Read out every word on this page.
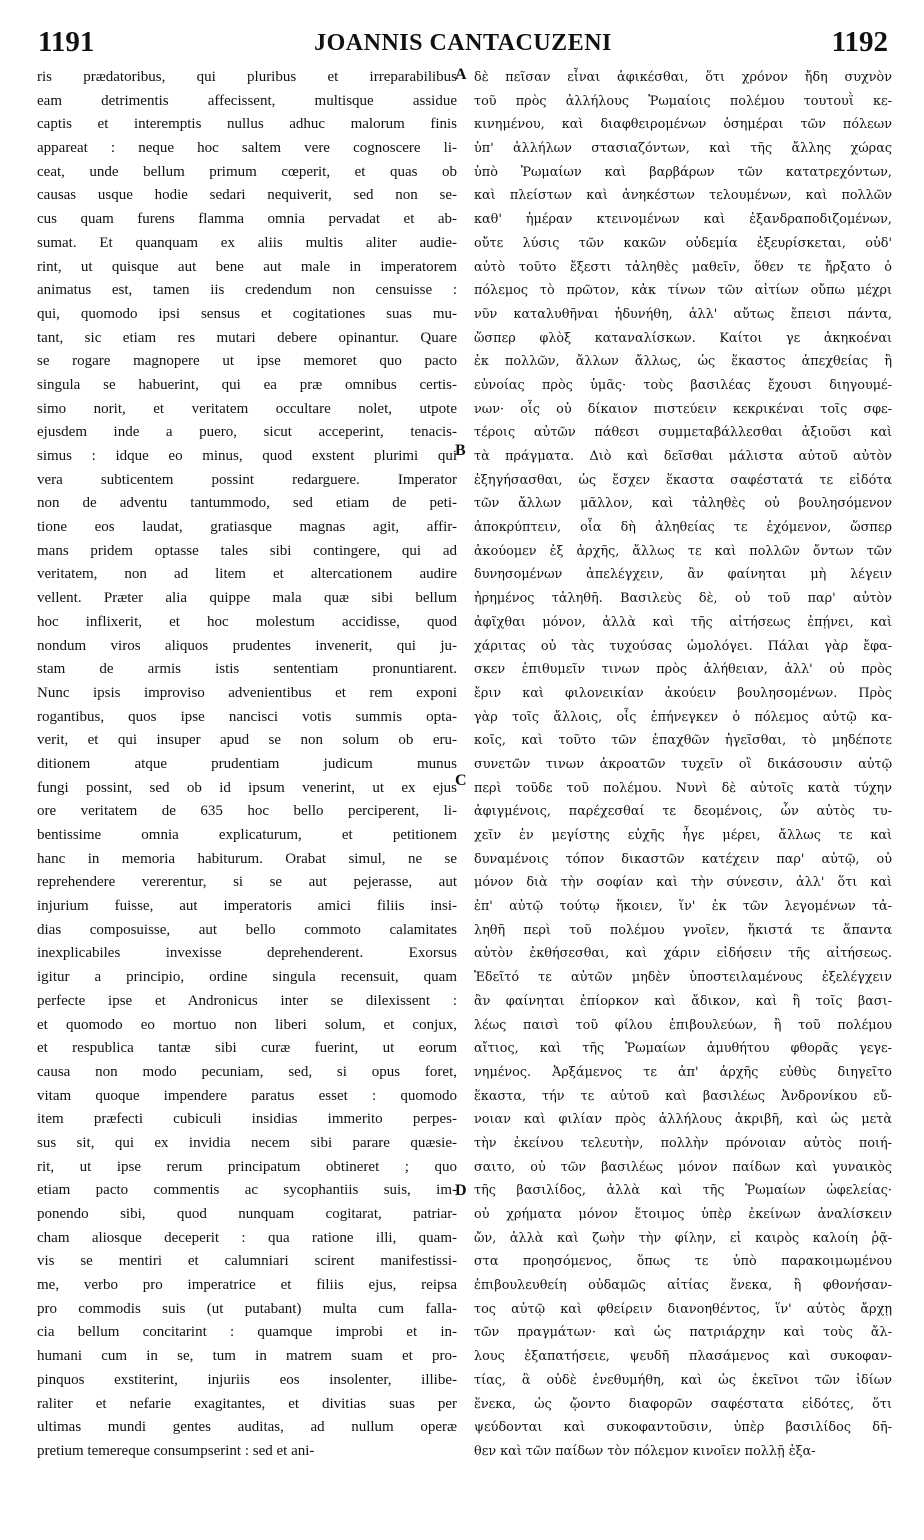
1191	JOANNIS CANTACUZENI	1192
ris prædatoribus, qui pluribus et irreparabilibus
eam detrimentis affecissent, multisque assidue
captis et interemptis nullus adhuc malorum finis
appareat : neque hoc saltem vere cognoscere li-
ceat, unde bellum primum cœperit, et quas ob
causas usque hodie sedari nequiverit, sed non se-
cus quam furens flamma omnia pervadat et ab-
sumat. Et quanquam ex aliis multis aliter audie-
rint, ut quisque aut bene aut male in imperatorem
animatus est, tamen iis credendum non censuisse :
qui, quomodo ipsi sensus et cogitationes suas mu-
tant, sic etiam res mutari debere opinantur. Quare
se rogare magnopere ut ipse memoret quo pacto
singula se habuerint, qui ea præ omnibus certis-
simo norit, et veritatem occultare nolet, utpote
ejusdem inde a puero, sicut acceperint, tenacis-
simus : idque eo minus, quod exstent plurimi qui
vera subticentem possint redarguere. Imperator
non de adventu tantummodo, sed etiam de peti-
tione eos laudat, gratiasque magnas agit, affir-
mans pridem optasse tales sibi contingere, qui ad
veritatem, non ad litem et altercationem audire
vellent. Præter alia quippe mala quæ sibi bellum
hoc inflixerit, et hoc molestum accidisse, quod
nondum viros aliquos prudentes invenerit, qui ju-
stam de armis istis sententiam pronuntiarent.
Nunc ipsis improviso advenientibus et rem exponi
rogantibus, quos ipse nancisci votis summis opta-
verit, et qui insuper apud se non solum ob eru-
ditionem atque prudentiam judicum munus
fungi possint, sed ob id ipsum venerint, ut ex ejus
ore veritatem de 635 hoc bello perciperent, li-
bentissime omnia explicaturum, et petitionem
hanc in memoria habiturum. Orabat simul, ne se
reprehendere vererentur, si se aut pejerasse, aut
injurium fuisse, aut imperatoris amici filiis insi-
dias composuisse, aut bello commoto calamitates
inexplicabiles invexisse deprehenderent. Exorsus
igitur a principio, ordine singula recensuit, quam
perfecte ipse et Andronicus inter se dilexissent :
et quomodo eo mortuo non liberi solum, et conjux,
et respublica tantæ sibi curæ fuerint, ut eorum
causa non modo pecuniam, sed, si opus foret,
vitam quoque impendere paratus esset : quomodo
item præfecti cubiculi insidias immerito perpes-
sus sit, qui ex invidia necem sibi parare quæsie-
rit, ut ipse rerum principatum obtineret ; quo
etiam pacto commentis ac sycophantiis suis, im-
ponendo sibi, quod nunquam cogitarat, patriar-
cham aliosque deceperit : qua ratione illi, quam-
vis se mentiri et calumniari scirent manifestissi-
me, verbo pro imperatrice et filiis ejus, reipsa
pro commodis suis (ut putabant) multa cum falla-
cia bellum concitarint : quamque improbi et in-
humani cum in se, tum in matrem suam et pro-
pinquos exstiterint, injuriis eos insolenter, illibe-
raliter et nefarie exagitantes, et divitias suas per
ultimas mundi gentes auditas, ad nullum operæ
pretium temereque consumpserint : sed et ani-
A
B
C
D
δὲ πεῖσαν εἶναι ἀφικέσθαι, ὅτι χρόνον ἤδη συχνὸν
τοῦ πρὸς ἀλλήλους Ῥωμαίοις πολέμου τουτουῒ κε-
κινημένου, καὶ διαφθειρομένων ὁσημέραι τῶν πόλεων
ὑπ' ἀλλήλων στασιαζόντων, καὶ τῆς ἄλλης χώρας
ὑπὸ Ῥωμαίων καὶ βαρβάρων τῶν κατατρεχόντων,
καὶ πλείστων καὶ ἀνηκέστων τελουμένων, καὶ πολλῶν
καθ' ἡμέραν κτεινομένων καὶ ἐξανδραποδιζομένων,
οὔτε λύσις τῶν κακῶν οὐδεμία ἐξευρίσκεται, οὐδ'
αὐτὸ τοῦτο ἔξεστι τἀληθὲς μαθεῖν, ὅθεν τε ἤρξατο ὁ
πόλεμος τὸ πρῶτον, κἀκ τίνων τῶν αἰτίων οὔπω μέχρι
νῦν καταλυθῆναι ἠδυνήθη, ἀλλ' αὔτως ἔπεισι πάντα,
ὥσπερ φλὸξ καταναλίσκων. Καίτοι γε ἀκηκοέναι
ἐκ πολλῶν, ἄλλων ἄλλως, ὡς ἕκαστος ἀπεχθείας ἢ
εὐνοίας πρὸς ὑμᾶς· τοὺς βασιλέας ἔχουσι διηγουμέ-
νων· οἷς οὐ δίκαιον πιστεύειν κεκρικέναι τοῖς σφε-
τέροις αὐτῶν πάθεσι συμμεταβάλλεσθαι ἀξιοῦσι καὶ
τὰ πράγματα. Διὸ καὶ δεῖσθαι μάλιστα αὐτοῦ αὐτὸν
ἐξηγήσασθαι, ὡς ἔσχεν ἕκαστα σαφέστατά τε εἰδότα
τῶν ἄλλων μᾶλλον, καὶ τἀληθὲς οὐ βουλησόμενον
ἀποκρύπτειν, οἷα δὴ ἀληθείας τε ἐχόμενον, ὥσπερ
ἀκούομεν ἐξ ἀρχῆς, ἄλλως τε καὶ πολλῶν ὄντων τῶν
δυνησομένων ἀπελέγχειν, ἂν φαίνηται μὴ λέγειν
ἠρημένος τἀληθῆ. Βασιλεὺς δὲ, οὐ τοῦ παρ' αὐτὸν
ἀφῖχθαι μόνον, ἀλλὰ καὶ τῆς αἰτήσεως ἐπῄνει, καὶ
χάριτας οὐ τὰς τυχούσας ὡμολόγει. Πάλαι γὰρ ἔφα-
σκεν ἐπιθυμεῖν τινων πρὸς ἀλήθειαν, ἀλλ' οὐ πρὸς
ἔριν καὶ φιλονεικίαν ἀκούειν βουλησομένων. Πρὸς
γὰρ τοῖς ἄλλοις, οἷς ἐπήνεγκεν ὁ πόλεμος αὐτῷ κα-
κοῖς, καὶ τοῦτο τῶν ἐπαχθῶν ἡγεῖσθαι, τὸ μηδέποτε
συνετῶν τινων ἀκροατῶν τυχεῖν οἳ δικάσουσιν αὐτῷ
περὶ τοῦδε τοῦ πολέμου. Νυνὶ δὲ αὐτοῖς κατὰ τύχην
ἀφιγμένοις, παρέχεσθαί τε δεομένοις, ὧν αὐτὸς τυ-
χεῖν ἐν μεγίστης εὐχῆς ἦγε μέρει, ἄλλως τε καὶ
δυναμένοις τόπον δικαστῶν κατέχειν παρ' αὐτῷ, οὐ
μόνον διὰ τὴν σοφίαν καὶ τὴν σύνεσιν, ἀλλ' ὅτι καὶ
ἐπ' αὐτῷ τούτῳ ἥκοιεν, ἵν' ἐκ τῶν λεγομένων τἀ-
ληθῆ περὶ τοῦ πολέμου γνοῖεν, ἥκιστά τε ἅπαντα
αὐτὸν ἐκθήσεσθαι, καὶ χάριν εἰδήσειν τῆς αἰτήσεως.
Ἐδεῖτό τε αὐτῶν μηδὲν ὑποστειλαμένους ἐξελέγχειν
ἂν φαίνηται ἐπίορκον καὶ ἄδικον, καὶ ἢ τοῖς βασι-
λέως παισὶ τοῦ φίλου ἐπιβουλεύων, ἢ τοῦ πολέμου
αἴτιος, καὶ τῆς Ῥωμαίων ἀμυθήτου φθορᾶς γεγε-
νημένος. Ἀρξάμενος τε ἀπ' ἀρχῆς εὐθὺς διηγεῖτο
ἕκαστα, τήν τε αὐτοῦ καὶ βασιλέως Ἀνδρονίκου εὔ-
νοιαν καὶ φιλίαν πρὸς ἀλλήλους ἀκριβῆ, καὶ ὡς μετὰ
τὴν ἐκείνου τελευτὴν, πολλὴν πρόνοιαν αὐτὸς ποιή-
σαιτο, οὐ τῶν βασιλέως μόνον παίδων καὶ γυναικὸς
τῆς βασιλίδος, ἀλλὰ καὶ τῆς Ῥωμαίων ὠφελείας·
οὐ χρήματα μόνον ἕτοιμος ὑπὲρ ἐκείνων ἀναλίσκειν
ὤν, ἀλλὰ καὶ ζωὴν τὴν φίλην, εἰ καιρὸς καλοίη ῥᾷ-
στα προησόμενος, ὅπως τε ὑπὸ παρακοιμωμένου
ἐπιβουλευθείη οὐδαμῶς αἰτίας ἕνεκα, ἢ φθονήσαν-
τος αὐτῷ καὶ φθείρειν διανοηθέντος, ἵν' αὐτὸς ἄρχῃ
τῶν πραγμάτων· καὶ ὡς πατριάρχην καὶ τοὺς ἄλ-
λους ἐξαπατήσειε, ψευδῆ πλασάμενος καὶ συκοφαν-
τίας, ἃ οὐδὲ ἐνεθυμήθη, καὶ ὡς ἐκεῖνοι τῶν ἰδίων
ἕνεκα, ὡς ᾤοντο διαφορῶν σαφέστατα εἰδότες, ὅτι
ψεύδονται καὶ συκοφαντοῦσιν, ὑπὲρ βασιλίδος δῆ-
θεν καὶ τῶν παίδων τὸν πόλεμον κινοῖεν πολλῇ ἐξα-
